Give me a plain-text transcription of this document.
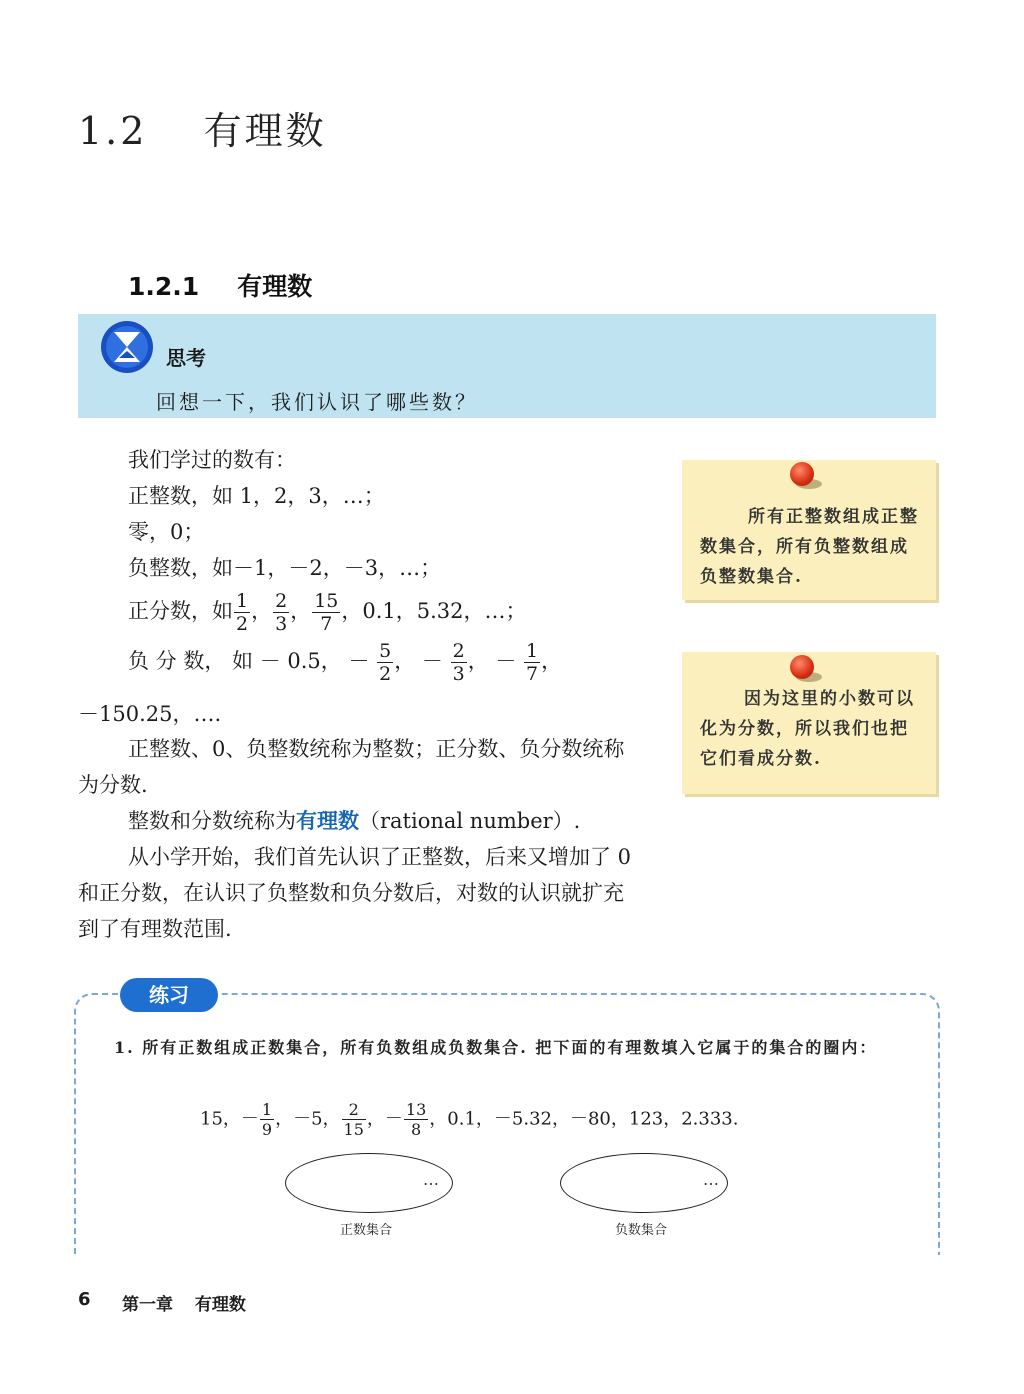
1.2 有理数
1.2.1 有理数
思考
回想一下，我们认识了哪些数？
我们学过的数有：
正整数，如 1，2，3，…；
零，0；
负整数，如－1，－2，－3，…；
正分数，如 $\frac{1}{2}$ ， $\frac{2}{3}$ ， $\frac{15}{7}$ ，0.1，5.32，…；
负 分 数， 如 － 0.5， － $\frac{5}{2}$ ， － $\frac{2}{3}$ ， － $\frac{1}{7}$ ，
－150.25，….
正整数、0、负整数统称为整数；正分数、负分数统称为分数.
整数和分数统称为有理数（rational number）.
从小学开始，我们首先认识了正整数，后来又增加了 0 和正分数，在认识了负整数和负分数后，对数的认识就扩充到了有理数范围.
所有正整数组成正整数集合，所有负整数组成负整数集合.
因为这里的小数可以化为分数，所以我们也把它们看成分数.
练习
1. 所有正数组成正数集合，所有负数组成负数集合. 把下面的有理数填入它属于的集合的圈内：
15，－ $\frac{1}{9}$ ，－5， $\frac{2}{15}$ ，－ $\frac{13}{8}$ ，0.1，－5.32，－80，123，2.333.
…
正数集合
…
负数集合
6 第一章 有理数
